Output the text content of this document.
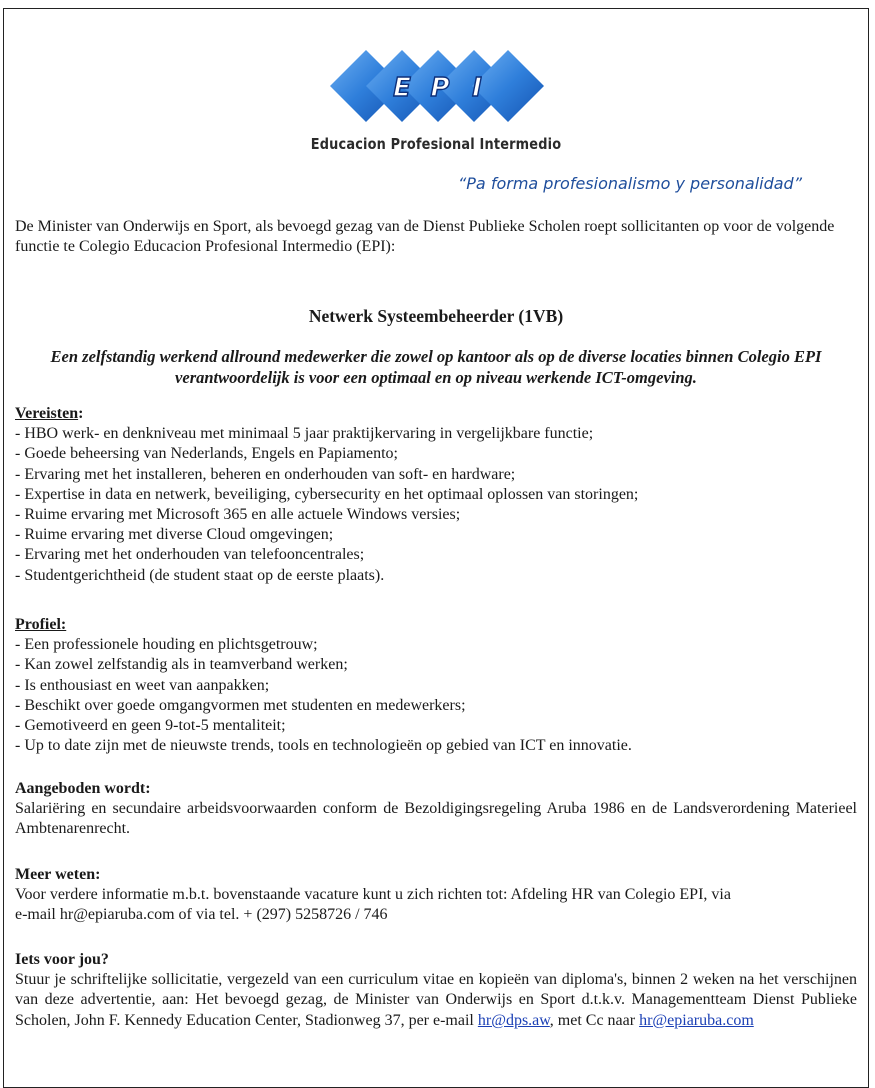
E P I
Educacion Profesional Intermedio
“Pa forma profesionalismo y personalidad”

De Minister van Onderwijs en Sport, als bevoegd gezag van de Dienst Publieke Scholen roept sollicitanten op voor de volgende functie te Colegio Educacion Profesional Intermedio (EPI):

Netwerk Systeembeheerder (1VB)
Een zelfstandig werkend allround medewerker die zowel op kantoor als op de diverse locaties binnen Colegio EPI verantwoordelijk is voor een optimaal en op niveau werkende ICT-omgeving.
Vereisten:
- HBO werk- en denkniveau met minimaal 5 jaar praktijkervaring in vergelijkbare functie;
- Goede beheersing van Nederlands, Engels en Papiamento;
- Ervaring met het installeren, beheren en onderhouden van soft- en hardware;
- Expertise in data en netwerk, beveiliging, cybersecurity en het optimaal oplossen van storingen;
- Ruime ervaring met Microsoft 365 en alle actuele Windows versies;
- Ruime ervaring met diverse Cloud omgevingen;
- Ervaring met het onderhouden van telefooncentrales;
- Studentgerichtheid (de student staat op de eerste plaats).
Profiel:
- Een professionele houding en plichtsgetrouw;
- Kan zowel zelfstandig als in teamverband werken;
- Is enthousiast en weet van aanpakken;
- Beschikt over goede omgangvormen met studenten en medewerkers;
- Gemotiveerd en geen 9-tot-5 mentaliteit;
- Up to date zijn met de nieuwste trends, tools en technologieën op gebied van ICT en innovatie.
Aangeboden wordt:
Salariëring en secundaire arbeidsvoorwaarden conform de Bezoldigingsregeling Aruba 1986 en de Landsverordening Materieel Ambtenarenrecht.
Meer weten:
Voor verdere informatie m.b.t. bovenstaande vacature kunt u zich richten tot: Afdeling HR van Colegio EPI, via
e-mail hr@epiaruba.com of via tel. + (297) 5258726 / 746
Iets voor jou?
Stuur je schriftelijke sollicitatie, vergezeld van een curriculum vitae en kopieën van diploma's, binnen 2 weken na het verschijnen van deze advertentie, aan: Het bevoegd gezag, de Minister van Onderwijs en Sport d.t.k.v. Managementteam Dienst Publieke Scholen, John F. Kennedy Education Center, Stadionweg 37, per e-mail hr@dps.aw, met Cc naar hr@epiaruba.com
